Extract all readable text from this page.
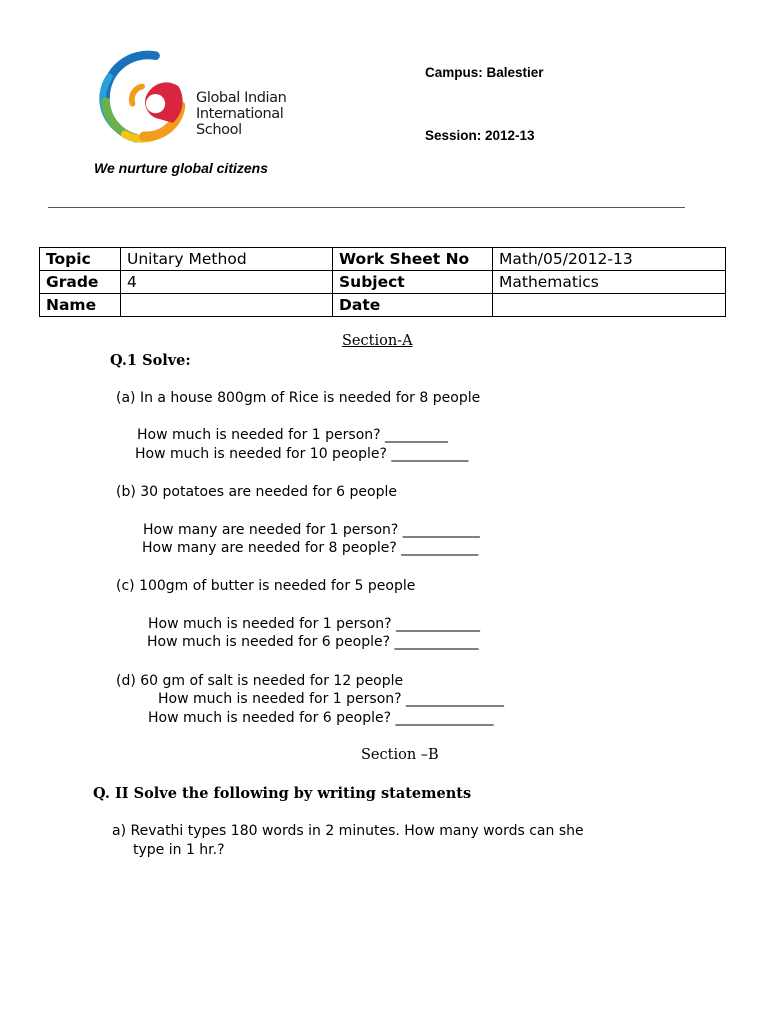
Global Indian
International
School
We nurture global citizens
Campus: Balestier
Session: 2012-13
Topic	Unitary Method	Work Sheet No	Math/05/2012-13
Grade	4	Subject	Mathematics
Name		Date	
Section-A
Q.1 Solve:
(a) In a house 800gm of Rice is needed for 8 people
How much is needed for 1 person? _________
How much is needed for 10 people? ___________
(b) 30 potatoes are needed for 6 people
How many are needed for 1 person? ___________
How many are needed for 8 people? ___________
(c) 100gm of butter is needed for 5 people
How much is needed for 1 person? ____________
How much is needed for 6 people? ____________
(d) 60 gm of salt is needed for 12 people
How much is needed for 1 person? ______________
How much is needed for 6 people? ______________
Section –B
Q. II Solve the following by writing statements
a) Revathi types 180 words in 2 minutes. How many words can she
type in 1 hr.?
